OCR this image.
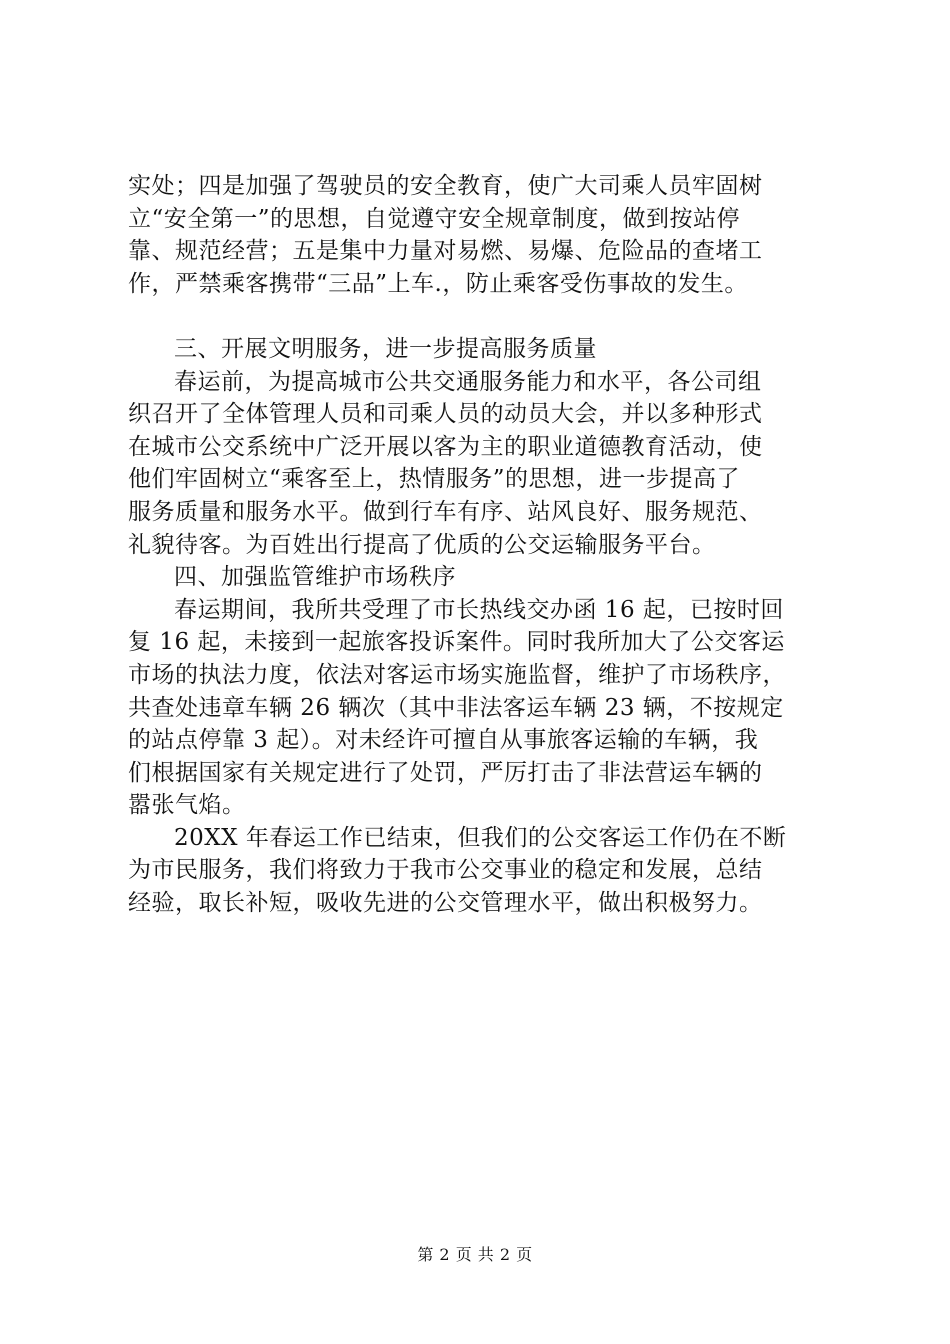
实处；四是加强了驾驶员的安全教育，使广大司乘人员牢固树
立“安全第一”的思想，自觉遵守安全规章制度，做到按站停
靠、规范经营；五是集中力量对易燃、易爆、危险品的查堵工
作，严禁乘客携带“三品”上车.，防止乘客受伤事故的发生。
三、开展文明服务，进一步提高服务质量
春运前，为提高城市公共交通服务能力和水平，各公司组
织召开了全体管理人员和司乘人员的动员大会，并以多种形式
在城市公交系统中广泛开展以客为主的职业道德教育活动，使
他们牢固树立“乘客至上，热情服务”的思想，进一步提高了
服务质量和服务水平。做到行车有序、站风良好、服务规范、
礼貌待客。为百姓出行提高了优质的公交运输服务平台。
四、加强监管维护市场秩序
春运期间，我所共受理了市长热线交办函 16 起，已按时回
复 16 起，未接到一起旅客投诉案件。同时我所加大了公交客运
市场的执法力度，依法对客运市场实施监督，维护了市场秩序，
共查处违章车辆 26 辆次（其中非法客运车辆 23 辆，不按规定
的站点停靠 3 起）。对未经许可擅自从事旅客运输的车辆，我
们根据国家有关规定进行了处罚，严厉打击了非法营运车辆的
嚣张气焰。
20XX 年春运工作已结束，但我们的公交客运工作仍在不断
为市民服务，我们将致力于我市公交事业的稳定和发展，总结
经验，取长补短，吸收先进的公交管理水平，做出积极努力。
第 2 页 共 2 页
